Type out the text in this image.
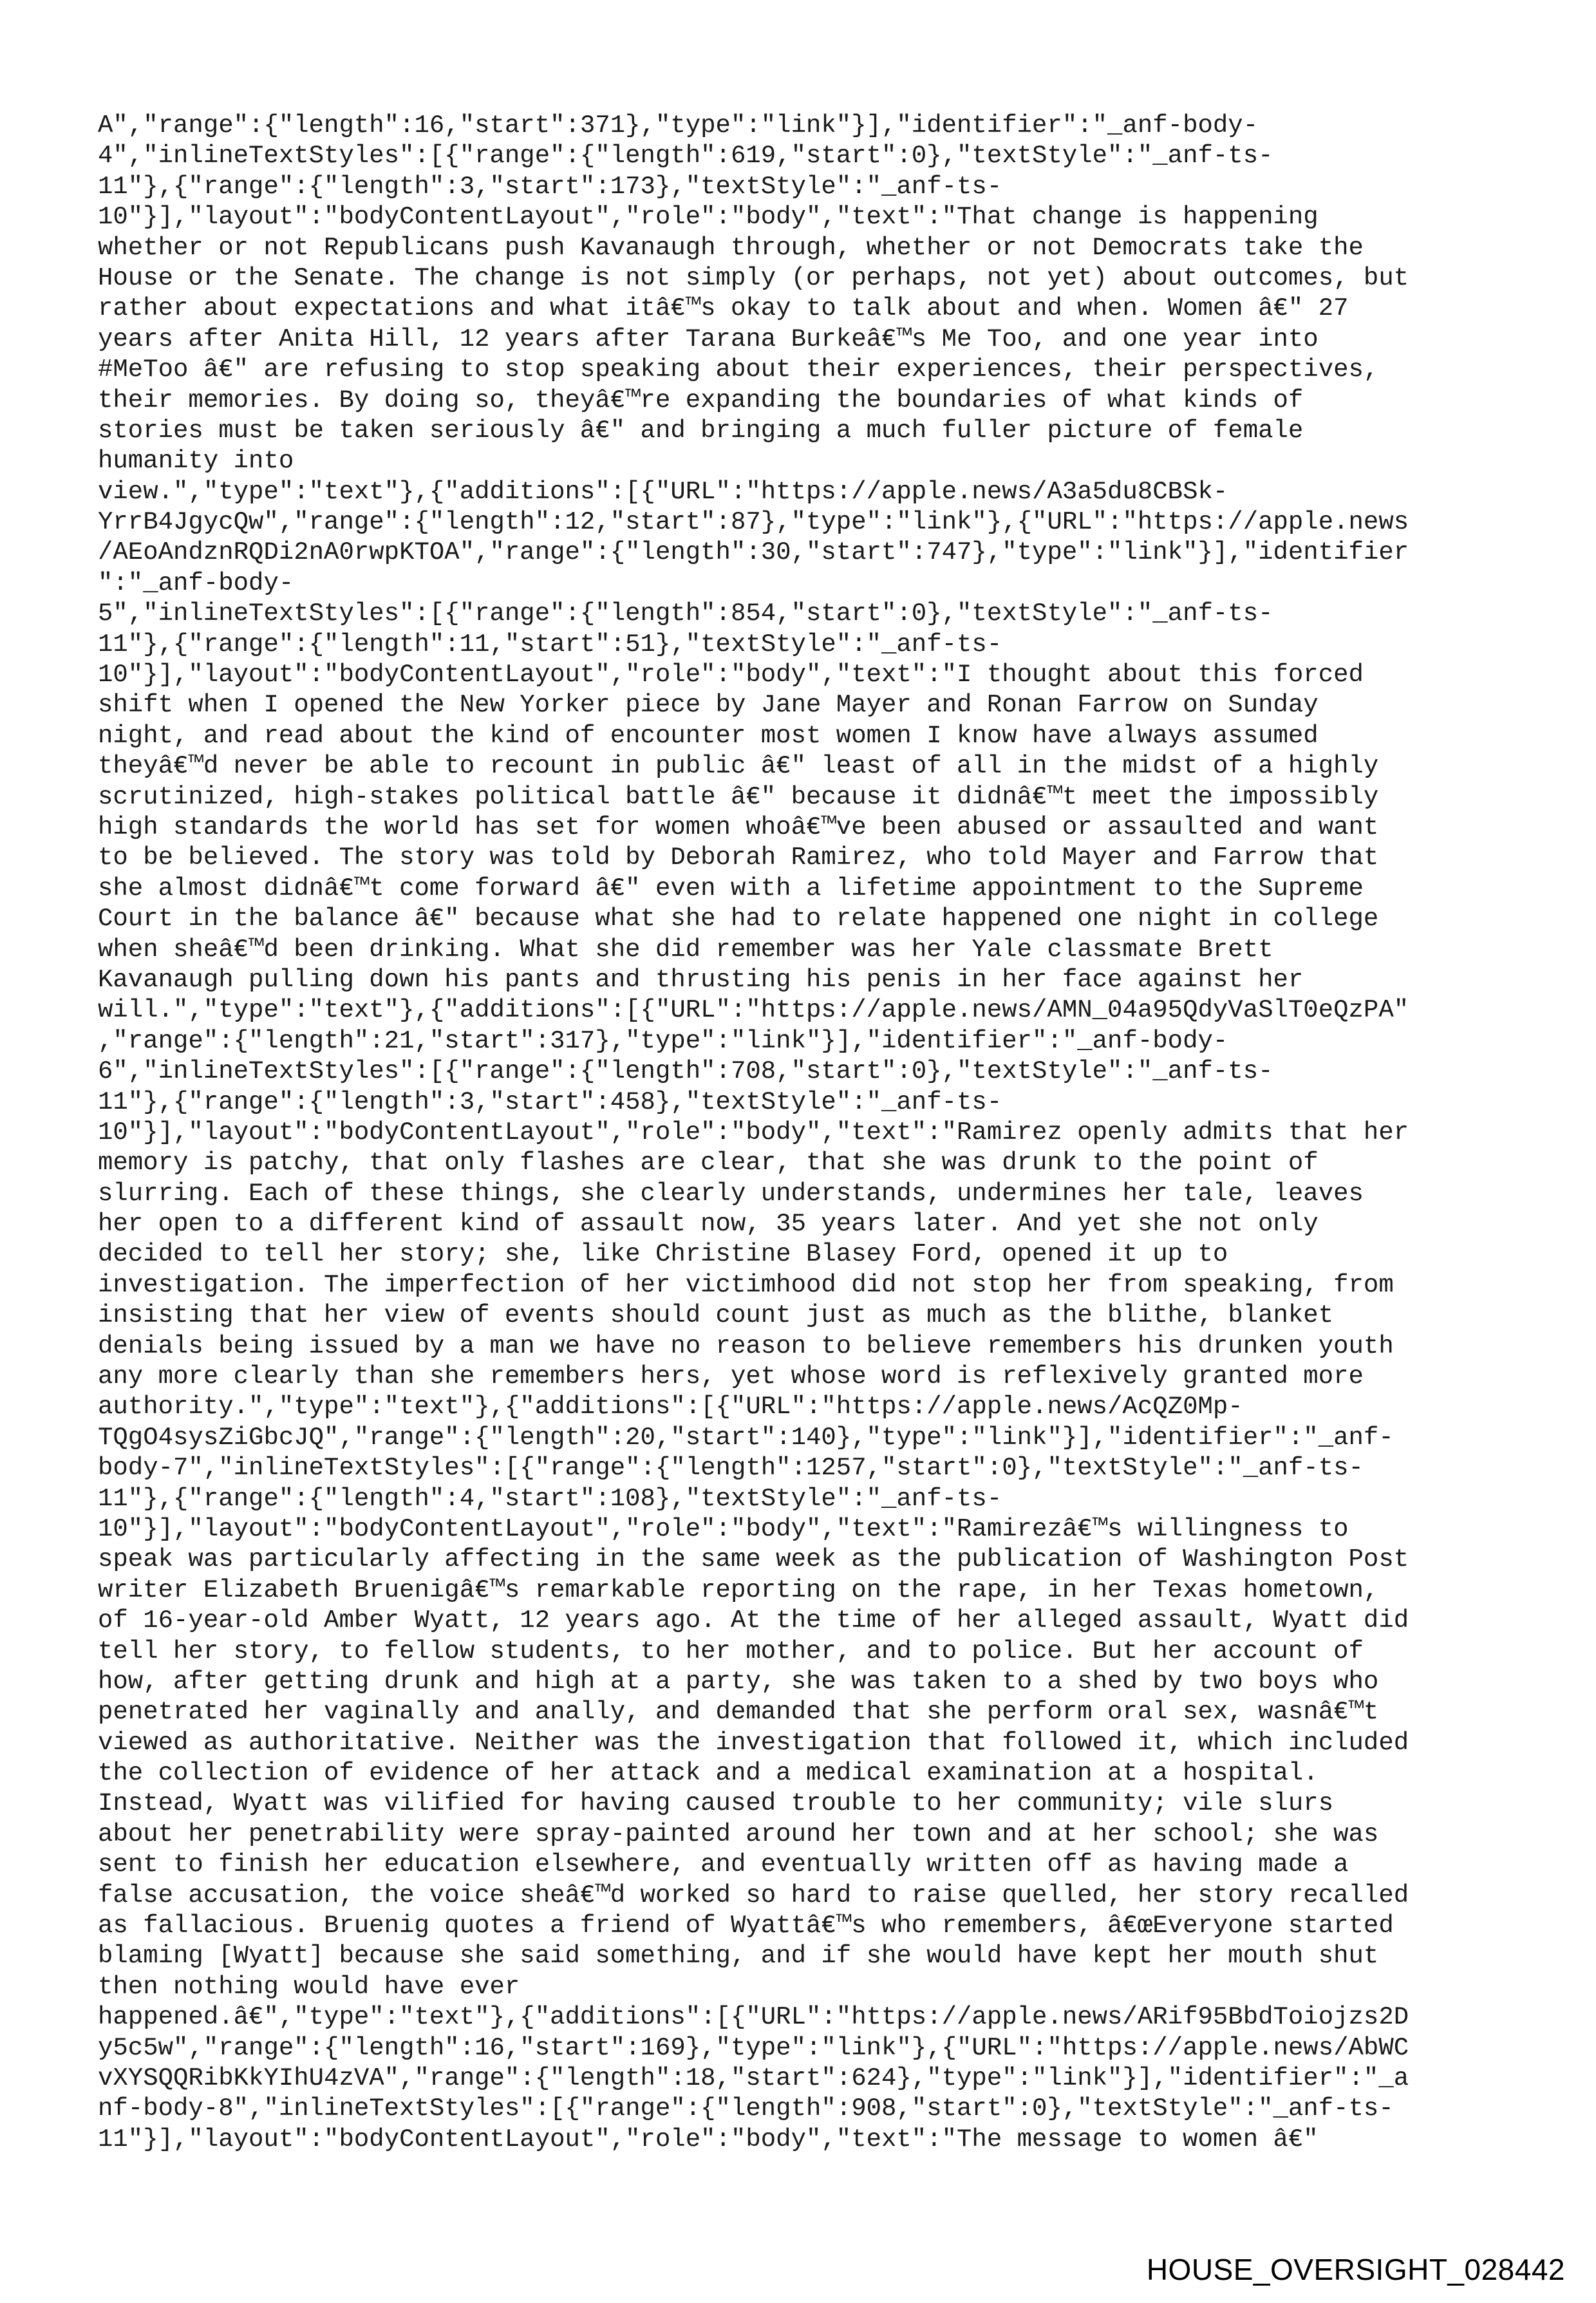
A","range":{"length":16,"start":371},"type":"link"}],"identifier":"_anf-body-
4","inlineTextStyles":[{"range":{"length":619,"start":0},"textStyle":"_anf-ts-
11"},{"range":{"length":3,"start":173},"textStyle":"_anf-ts-
10"}],"layout":"bodyContentLayout","role":"body","text":"That change is happening
whether or not Republicans push Kavanaugh through, whether or not Democrats take the
House or the Senate. The change is not simply (or perhaps, not yet) about outcomes, but
rather about expectations and what itâ€™s okay to talk about and when. Women â€" 27
years after Anita Hill, 12 years after Tarana Burkeâ€™s Me Too, and one year into
#MeToo â€" are refusing to stop speaking about their experiences, their perspectives,
their memories. By doing so, theyâ€™re expanding the boundaries of what kinds of
stories must be taken seriously â€" and bringing a much fuller picture of female
humanity into
view.","type":"text"},{"additions":[{"URL":"https://apple.news/A3a5du8CBSk-
YrrB4JgycQw","range":{"length":12,"start":87},"type":"link"},{"URL":"https://apple.news
/AEoAndznRQDi2nA0rwpKTOA","range":{"length":30,"start":747},"type":"link"}],"identifier
":"_anf-body-
5","inlineTextStyles":[{"range":{"length":854,"start":0},"textStyle":"_anf-ts-
11"},{"range":{"length":11,"start":51},"textStyle":"_anf-ts-
10"}],"layout":"bodyContentLayout","role":"body","text":"I thought about this forced
shift when I opened the New Yorker piece by Jane Mayer and Ronan Farrow on Sunday
night, and read about the kind of encounter most women I know have always assumed
theyâ€™d never be able to recount in public â€" least of all in the midst of a highly
scrutinized, high-stakes political battle â€" because it didnâ€™t meet the impossibly
high standards the world has set for women whoâ€™ve been abused or assaulted and want
to be believed. The story was told by Deborah Ramirez, who told Mayer and Farrow that
she almost didnâ€™t come forward â€" even with a lifetime appointment to the Supreme
Court in the balance â€" because what she had to relate happened one night in college
when sheâ€™d been drinking. What she did remember was her Yale classmate Brett
Kavanaugh pulling down his pants and thrusting his penis in her face against her
will.","type":"text"},{"additions":[{"URL":"https://apple.news/AMN_04a95QdyVaSlT0eQzPA"
,"range":{"length":21,"start":317},"type":"link"}],"identifier":"_anf-body-
6","inlineTextStyles":[{"range":{"length":708,"start":0},"textStyle":"_anf-ts-
11"},{"range":{"length":3,"start":458},"textStyle":"_anf-ts-
10"}],"layout":"bodyContentLayout","role":"body","text":"Ramirez openly admits that her
memory is patchy, that only flashes are clear, that she was drunk to the point of
slurring. Each of these things, she clearly understands, undermines her tale, leaves
her open to a different kind of assault now, 35 years later. And yet she not only
decided to tell her story; she, like Christine Blasey Ford, opened it up to
investigation. The imperfection of her victimhood did not stop her from speaking, from
insisting that her view of events should count just as much as the blithe, blanket
denials being issued by a man we have no reason to believe remembers his drunken youth
any more clearly than she remembers hers, yet whose word is reflexively granted more
authority.","type":"text"},{"additions":[{"URL":"https://apple.news/AcQZ0Mp-
TQgO4sysZiGbcJQ","range":{"length":20,"start":140},"type":"link"}],"identifier":"_anf-
body-7","inlineTextStyles":[{"range":{"length":1257,"start":0},"textStyle":"_anf-ts-
11"},{"range":{"length":4,"start":108},"textStyle":"_anf-ts-
10"}],"layout":"bodyContentLayout","role":"body","text":"Ramirezâ€™s willingness to
speak was particularly affecting in the same week as the publication of Washington Post
writer Elizabeth Bruenigâ€™s remarkable reporting on the rape, in her Texas hometown,
of 16-year-old Amber Wyatt, 12 years ago. At the time of her alleged assault, Wyatt did
tell her story, to fellow students, to her mother, and to police. But her account of
how, after getting drunk and high at a party, she was taken to a shed by two boys who
penetrated her vaginally and anally, and demanded that she perform oral sex, wasnâ€™t
viewed as authoritative. Neither was the investigation that followed it, which included
the collection of evidence of her attack and a medical examination at a hospital.
Instead, Wyatt was vilified for having caused trouble to her community; vile slurs
about her penetrability were spray-painted around her town and at her school; she was
sent to finish her education elsewhere, and eventually written off as having made a
false accusation, the voice sheâ€™d worked so hard to raise quelled, her story recalled
as fallacious. Bruenig quotes a friend of Wyattâ€™s who remembers, â€œEveryone started
blaming [Wyatt] because she said something, and if she would have kept her mouth shut
then nothing would have ever
happened.â€","type":"text"},{"additions":[{"URL":"https://apple.news/ARif95BbdToiojzs2D
y5c5w","range":{"length":16,"start":169},"type":"link"},{"URL":"https://apple.news/AbWC
vXYSQQRibKkYIhU4zVA","range":{"length":18,"start":624},"type":"link"}],"identifier":"_a
nf-body-8","inlineTextStyles":[{"range":{"length":908,"start":0},"textStyle":"_anf-ts-
11"}],"layout":"bodyContentLayout","role":"body","text":"The message to women â€"
HOUSE_OVERSIGHT_028442
